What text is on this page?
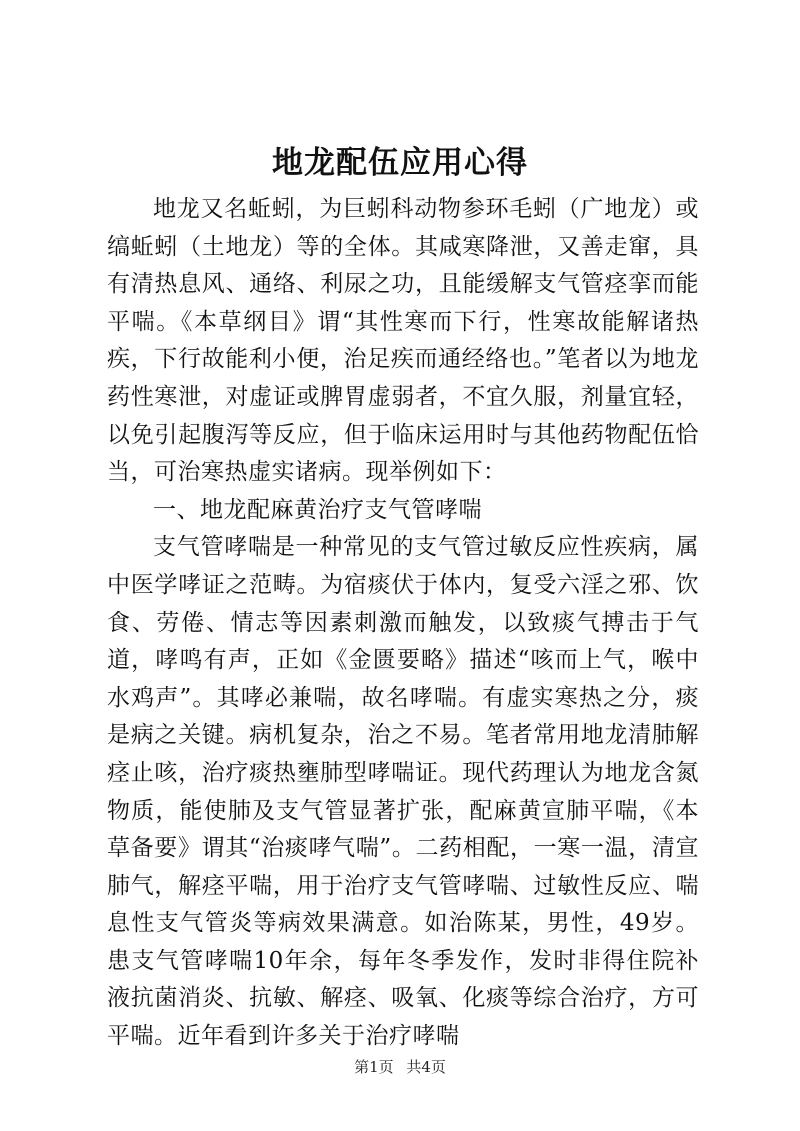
地龙配伍应用心得

地龙又名蚯蚓，为巨蚓科动物参环毛蚓（广地龙）或缟蚯蚓（土地龙）等的全体。其咸寒降泄，又善走窜，具有清热息风、通络、利尿之功，且能缓解支气管痉挛而能平喘。《本草纲目》谓“其性寒而下行，性寒故能解诸热疾，下行故能利小便，治足疾而通经络也。”笔者以为地龙药性寒泄，对虚证或脾胃虚弱者，不宜久服，剂量宜轻，以免引起腹泻等反应，但于临床运用时与其他药物配伍恰当，可治寒热虚实诸病。现举例如下：

一、地龙配麻黄治疗支气管哮喘

支气管哮喘是一种常见的支气管过敏反应性疾病，属中医学哮证之范畴。为宿痰伏于体内，复受六淫之邪、饮食、劳倦、情志等因素刺激而触发，以致痰气搏击于气道，哮鸣有声，正如《金匮要略》描述“咳而上气，喉中水鸡声”。其哮必兼喘，故名哮喘。有虚实寒热之分，痰是病之关键。病机复杂，治之不易。笔者常用地龙清肺解痉止咳，治疗痰热壅肺型哮喘证。现代药理认为地龙含氮物质，能使肺及支气管显著扩张，配麻黄宣肺平喘，《本草备要》谓其“治痰哮气喘”。二药相配，一寒一温，清宣肺气，解痉平喘，用于治疗支气管哮喘、过敏性反应、喘息性支气管炎等病效果满意。如治陈某，男性，49岁。患支气管哮喘10年余，每年冬季发作，发时非得住院补液抗菌消炎、抗敏、解痉、吸氧、化痰等综合治疗，方可平喘。近年看到许多关于治疗哮喘

第1页 共4页
